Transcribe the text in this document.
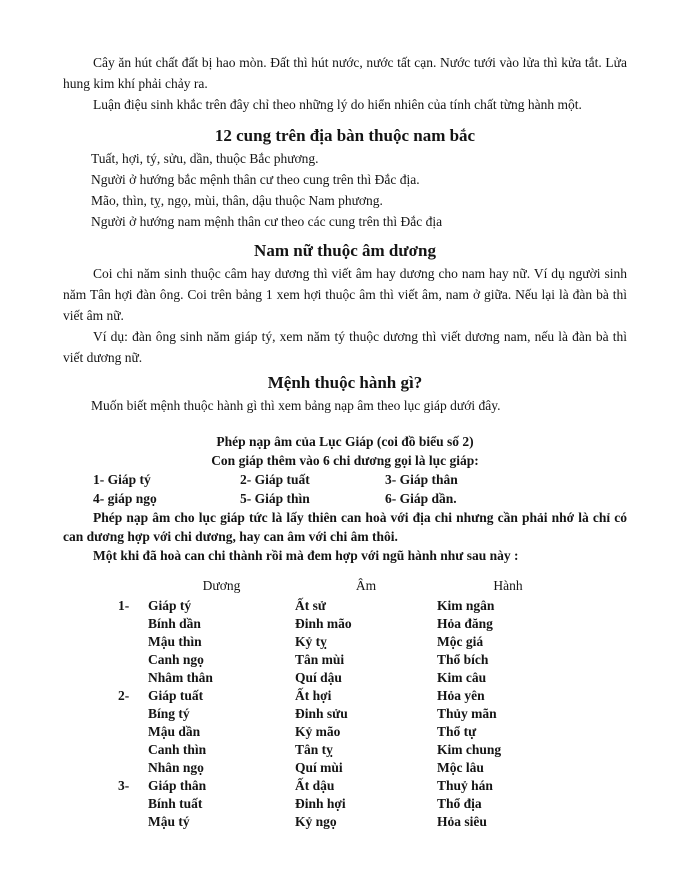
Cây ăn hút chất đất bị hao mòn. Đất thì hút nước, nước tất cạn. Nước tưới vào lửa thì kửa tắt. Lửa hung kim khí phải chảy ra.

Luận điệu sinh khắc trên đây chỉ theo những lý do hiển nhiên của tính chất từng hành một.

12 cung trên địa bàn thuộc nam bắc

Tuất, hợi, tý, sửu, dần, thuộc Bắc phương.

Người ở hướng bắc mệnh thân cư theo cung trên thì Đắc địa.

Mão, thìn, tỵ, ngọ, mùi, thân, dậu thuộc Nam phương.

Người ở hướng nam mệnh thân cư theo các cung trên thì Đắc địa

Nam nữ thuộc âm dương

Coi chi năm sinh thuộc câm hay dương thì viết âm hay dương cho nam hay nữ. Ví dụ người sinh năm Tân hợi đàn ông. Coi trên bảng 1 xem hợi thuộc âm thì viết âm, nam ở giữa. Nếu lại là đàn bà thì viết âm nữ.

Ví dụ: đàn ông sinh năm giáp tý, xem năm tý thuộc dương thì viết dương nam, nếu là đàn bà thì viết dương nữ.

Mệnh thuộc hành gì?

Muốn biết mệnh thuộc hành gì thì xem bảng nạp âm theo lục giáp dưới đây.

Phép nạp âm của Lục Giáp (coi đồ biểu số 2)

Con giáp thêm vào 6 chi dương gọi là lục giáp:

1- Giáp tý	2- Giáp tuất	3- Giáp thân
4- giáp ngọ	5- Giáp thìn	6- Giáp dần.

Phép nạp âm cho lục giáp tức là lấy thiên can hoà với địa chi nhưng cần phải nhớ là chỉ có can dương hợp với chi dương, hay can âm với chi âm thôi.

Một khi đã hoà can chi thành rồi mà đem hợp với ngũ hành như sau này :

Dương	Âm	Hành
1-	Giáp tý	Ất sử	Kim ngân
Bính dần	Đinh mão	Hỏa đăng
Mậu thìn	Kỷ tỵ	Mộc giá
Canh ngọ	Tân mùi	Thổ bích
Nhâm thân	Quí dậu	Kim câu
2-	Giáp tuất	Ất hợi	Hỏa yên
Bíng tý	Đinh sửu	Thủy mãn
Mậu dần	Kỷ mão	Thổ tự
Canh thìn	Tân tỵ	Kim chung
Nhân ngọ	Quí mùi	Mộc lâu
3-	Giáp thân	Ất dậu	Thuỷ hán
Bính tuất	Đinh hợi	Thổ địa
Mậu tý	Kỷ ngọ	Hỏa siêu
